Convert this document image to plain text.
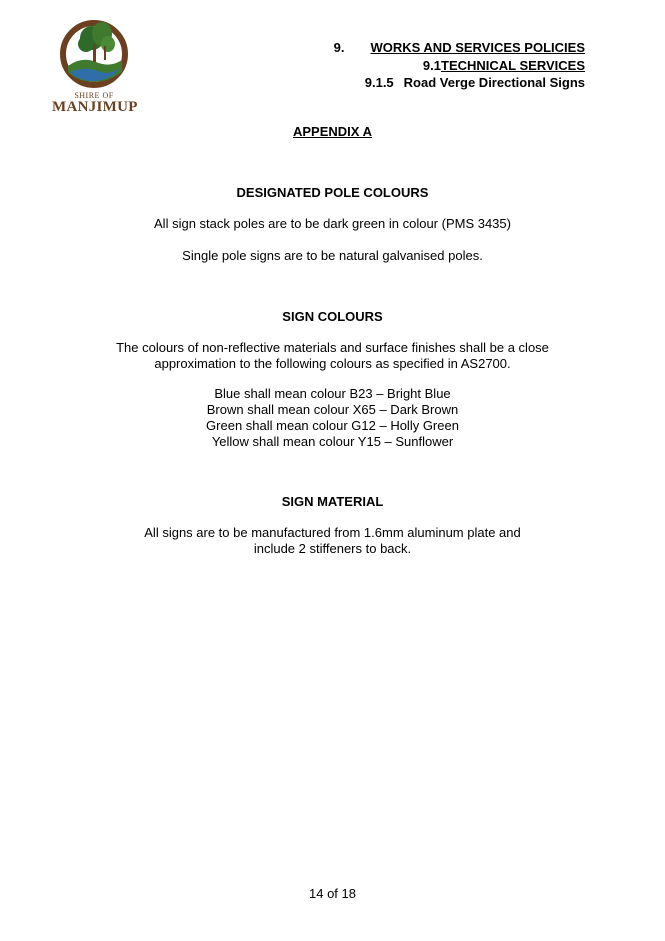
SHIRE OF
MANJIMUP
9. WORKS AND SERVICES POLICIES
9.1TECHNICAL SERVICES
9.1.5 Road Verge Directional Signs
APPENDIX A
DESIGNATED POLE COLOURS
All sign stack poles are to be dark green in colour (PMS 3435)
Single pole signs are to be natural galvanised poles.
SIGN COLOURS
The colours of non-reflective materials and surface finishes shall be a close
approximation to the following colours as specified in AS2700.
Blue shall mean colour B23 – Bright Blue
Brown shall mean colour X65 – Dark Brown
Green shall mean colour G12 – Holly Green
Yellow shall mean colour Y15 – Sunflower
SIGN MATERIAL
All signs are to be manufactured from 1.6mm aluminum plate and
include 2 stiffeners to back.
14 of 18
